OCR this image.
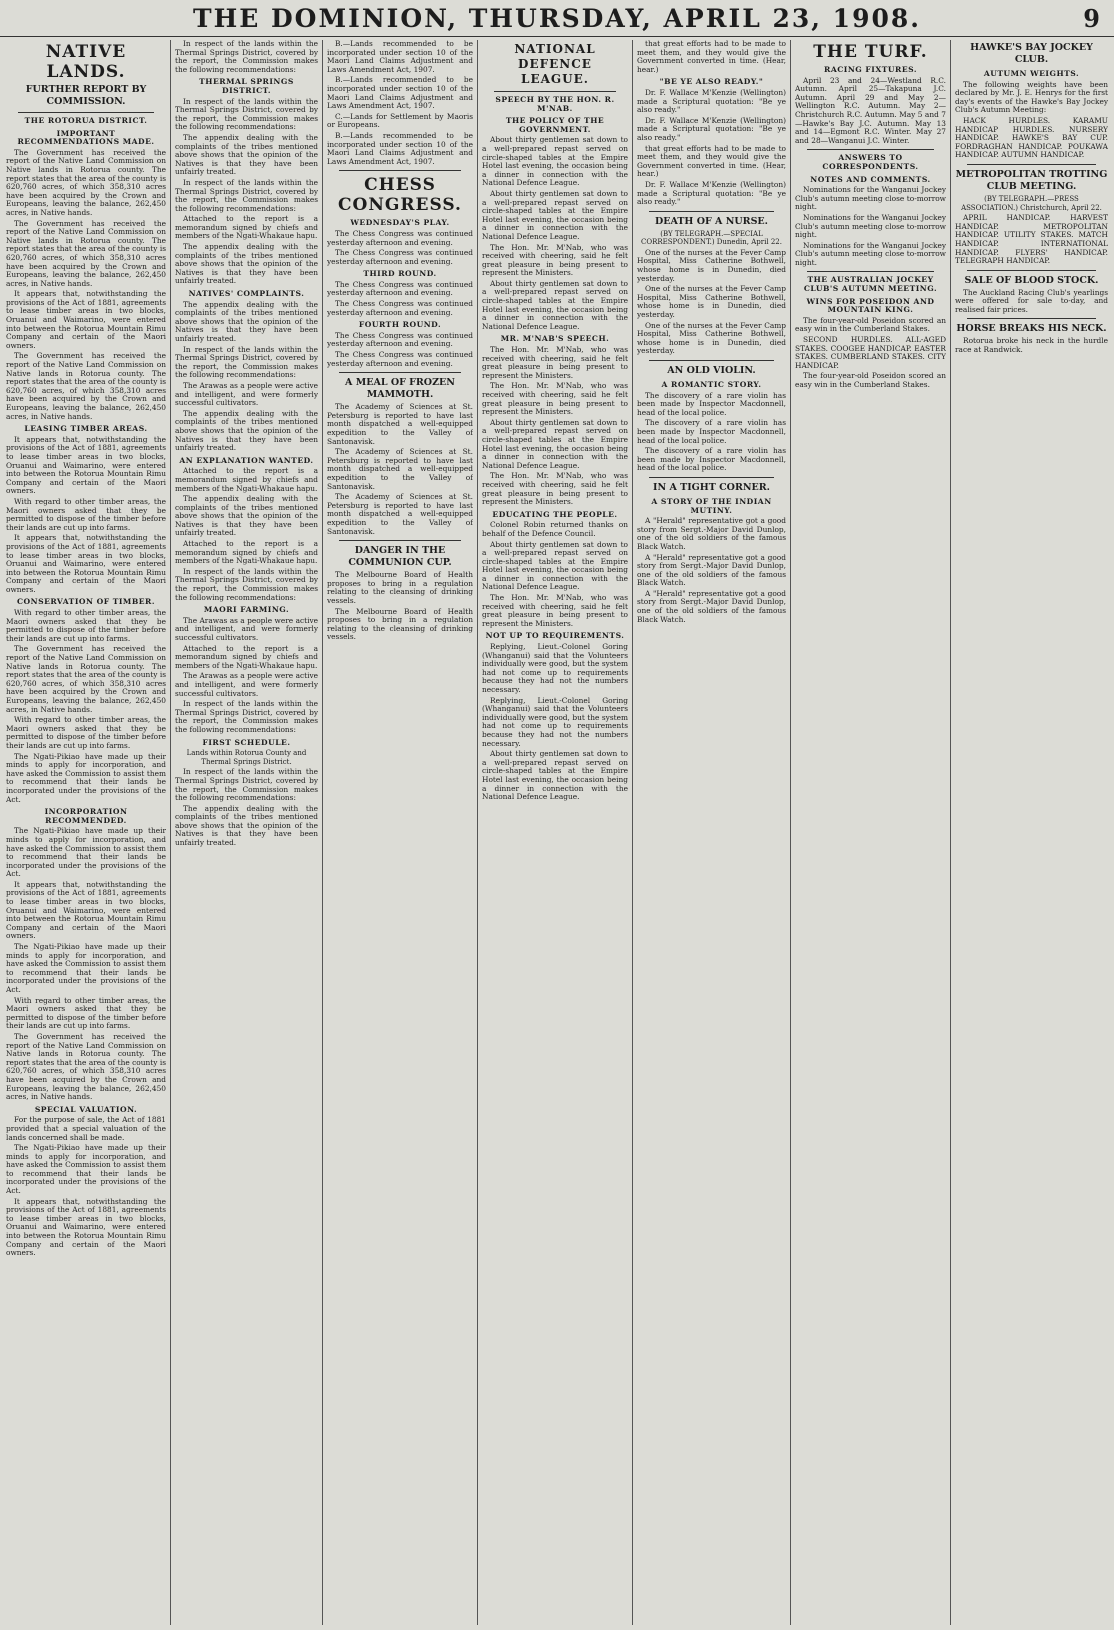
THE DOMINION, THURSDAY, APRIL 23, 1908.	9
NATIVE LANDS.
FURTHER REPORT BY COMMISSION.
THE ROTORUA DISTRICT.
IMPORTANT RECOMMENDATIONS MADE.

The Government has received the report of the Native Land Commission on Native lands in Rotorua county. The report states that the area of the county is 620,760 acres, of which 358,310 acres have been acquired by the Crown and Europeans, leaving the balance, 262,450 acres, in Native hands.

The Government has received the report of the Native Land Commission on Native lands in Rotorua county. The report states that the area of the county is 620,760 acres, of which 358,310 acres have been acquired by the Crown and Europeans, leaving the balance, 262,450 acres, in Native hands.

It appears that, notwithstanding the provisions of the Act of 1881, agreements to lease timber areas in two blocks, Oruanui and Waimarino, were entered into between the Rotorua Mountain Rimu Company and certain of the Maori owners.

The Government has received the report of the Native Land Commission on Native lands in Rotorua county. The report states that the area of the county is 620,760 acres, of which 358,310 acres have been acquired by the Crown and Europeans, leaving the balance, 262,450 acres, in Native hands.

LEASING TIMBER AREAS.

It appears that, notwithstanding the provisions of the Act of 1881, agreements to lease timber areas in two blocks, Oruanui and Waimarino, were entered into between the Rotorua Mountain Rimu Company and certain of the Maori owners.

With regard to other timber areas, the Maori owners asked that they be permitted to dispose of the timber before their lands are cut up into farms.

It appears that, notwithstanding the provisions of the Act of 1881, agreements to lease timber areas in two blocks, Oruanui and Waimarino, were entered into between the Rotorua Mountain Rimu Company and certain of the Maori owners.

CONSERVATION OF TIMBER.

With regard to other timber areas, the Maori owners asked that they be permitted to dispose of the timber before their lands are cut up into farms.

The Government has received the report of the Native Land Commission on Native lands in Rotorua county. The report states that the area of the county is 620,760 acres, of which 358,310 acres have been acquired by the Crown and Europeans, leaving the balance, 262,450 acres, in Native hands.

With regard to other timber areas, the Maori owners asked that they be permitted to dispose of the timber before their lands are cut up into farms.

The Ngati-Pikiao have made up their minds to apply for incorporation, and have asked the Commission to assist them to recommend that their lands be incorporated under the provisions of the Act.

INCORPORATION RECOMMENDED.

The Ngati-Pikiao have made up their minds to apply for incorporation, and have asked the Commission to assist them to recommend that their lands be incorporated under the provisions of the Act.

It appears that, notwithstanding the provisions of the Act of 1881, agreements to lease timber areas in two blocks, Oruanui and Waimarino, were entered into between the Rotorua Mountain Rimu Company and certain of the Maori owners.

The Ngati-Pikiao have made up their minds to apply for incorporation, and have asked the Commission to assist them to recommend that their lands be incorporated under the provisions of the Act.

With regard to other timber areas, the Maori owners asked that they be permitted to dispose of the timber before their lands are cut up into farms.

The Government has received the report of the Native Land Commission on Native lands in Rotorua county. The report states that the area of the county is 620,760 acres, of which 358,310 acres have been acquired by the Crown and Europeans, leaving the balance, 262,450 acres, in Native hands.

SPECIAL VALUATION.

For the purpose of sale, the Act of 1881 provided that a special valuation of the lands concerned shall be made.

The Ngati-Pikiao have made up their minds to apply for incorporation, and have asked the Commission to assist them to recommend that their lands be incorporated under the provisions of the Act.

It appears that, notwithstanding the provisions of the Act of 1881, agreements to lease timber areas in two blocks, Oruanui and Waimarino, were entered into between the Rotorua Mountain Rimu Company and certain of the Maori owners.

In respect of the lands within the Thermal Springs District, covered by the report, the Commission makes the following recommendations:

THERMAL SPRINGS DISTRICT.

In respect of the lands within the Thermal Springs District, covered by the report, the Commission makes the following recommendations:

The appendix dealing with the complaints of the tribes mentioned above shows that the opinion of the Natives is that they have been unfairly treated.

In respect of the lands within the Thermal Springs District, covered by the report, the Commission makes the following recommendations:

Attached to the report is a memorandum signed by chiefs and members of the Ngati-Whakaue hapu.

The appendix dealing with the complaints of the tribes mentioned above shows that the opinion of the Natives is that they have been unfairly treated.

NATIVES' COMPLAINTS.

The appendix dealing with the complaints of the tribes mentioned above shows that the opinion of the Natives is that they have been unfairly treated.

In respect of the lands within the Thermal Springs District, covered by the report, the Commission makes the following recommendations:

The Arawas as a people were active and intelligent, and were formerly successful cultivators.

The appendix dealing with the complaints of the tribes mentioned above shows that the opinion of the Natives is that they have been unfairly treated.

AN EXPLANATION WANTED.

Attached to the report is a memorandum signed by chiefs and members of the Ngati-Whakaue hapu.

The appendix dealing with the complaints of the tribes mentioned above shows that the opinion of the Natives is that they have been unfairly treated.

Attached to the report is a memorandum signed by chiefs and members of the Ngati-Whakaue hapu.

In respect of the lands within the Thermal Springs District, covered by the report, the Commission makes the following recommendations:

MAORI FARMING.

The Arawas as a people were active and intelligent, and were formerly successful cultivators.

Attached to the report is a memorandum signed by chiefs and members of the Ngati-Whakaue hapu.

The Arawas as a people were active and intelligent, and were formerly successful cultivators.

In respect of the lands within the Thermal Springs District, covered by the report, the Commission makes the following recommendations:

FIRST SCHEDULE.
Lands within Rotorua County and Thermal Springs District.

In respect of the lands within the Thermal Springs District, covered by the report, the Commission makes the following recommendations:

The appendix dealing with the complaints of the tribes mentioned above shows that the opinion of the Natives is that they have been unfairly treated.

B.—Lands recommended to be incorporated under section 10 of the Maori Land Claims Adjustment and Laws Amendment Act, 1907.

B.—Lands recommended to be incorporated under section 10 of the Maori Land Claims Adjustment and Laws Amendment Act, 1907.

C.—Lands for Settlement by Maoris or Europeans.

B.—Lands recommended to be incorporated under section 10 of the Maori Land Claims Adjustment and Laws Amendment Act, 1907.

CHESS CONGRESS.
WEDNESDAY'S PLAY.

The Chess Congress was continued yesterday afternoon and evening.

The Chess Congress was continued yesterday afternoon and evening.

THIRD ROUND.

The Chess Congress was continued yesterday afternoon and evening.

The Chess Congress was continued yesterday afternoon and evening.

FOURTH ROUND.

The Chess Congress was continued yesterday afternoon and evening.

The Chess Congress was continued yesterday afternoon and evening.

A MEAL OF FROZEN MAMMOTH.

The Academy of Sciences at St. Petersburg is reported to have last month dispatched a well-equipped expedition to the Valley of Santonavisk.

The Academy of Sciences at St. Petersburg is reported to have last month dispatched a well-equipped expedition to the Valley of Santonavisk.

The Academy of Sciences at St. Petersburg is reported to have last month dispatched a well-equipped expedition to the Valley of Santonavisk.

DANGER IN THE COMMUNION CUP.

The Melbourne Board of Health proposes to bring in a regulation relating to the cleansing of drinking vessels.

The Melbourne Board of Health proposes to bring in a regulation relating to the cleansing of drinking vessels.

NATIONAL DEFENCE LEAGUE.
SPEECH BY THE HON. R. M'NAB.
THE POLICY OF THE GOVERNMENT.

About thirty gentlemen sat down to a well-prepared repast served on circle-shaped tables at the Empire Hotel last evening, the occasion being a dinner in connection with the National Defence League.

About thirty gentlemen sat down to a well-prepared repast served on circle-shaped tables at the Empire Hotel last evening, the occasion being a dinner in connection with the National Defence League.

The Hon. Mr. M'Nab, who was received with cheering, said he felt great pleasure in being present to represent the Ministers.

About thirty gentlemen sat down to a well-prepared repast served on circle-shaped tables at the Empire Hotel last evening, the occasion being a dinner in connection with the National Defence League.

MR. M'NAB'S SPEECH.

The Hon. Mr. M'Nab, who was received with cheering, said he felt great pleasure in being present to represent the Ministers.

The Hon. Mr. M'Nab, who was received with cheering, said he felt great pleasure in being present to represent the Ministers.

About thirty gentlemen sat down to a well-prepared repast served on circle-shaped tables at the Empire Hotel last evening, the occasion being a dinner in connection with the National Defence League.

The Hon. Mr. M'Nab, who was received with cheering, said he felt great pleasure in being present to represent the Ministers.

EDUCATING THE PEOPLE.

Colonel Robin returned thanks on behalf of the Defence Council.

About thirty gentlemen sat down to a well-prepared repast served on circle-shaped tables at the Empire Hotel last evening, the occasion being a dinner in connection with the National Defence League.

The Hon. Mr. M'Nab, who was received with cheering, said he felt great pleasure in being present to represent the Ministers.

NOT UP TO REQUIREMENTS.

Replying, Lieut.-Colonel Goring (Whanganui) said that the Volunteers individually were good, but the system had not come up to requirements because they had not the numbers necessary.

Replying, Lieut.-Colonel Goring (Whanganui) said that the Volunteers individually were good, but the system had not come up to requirements because they had not the numbers necessary.

About thirty gentlemen sat down to a well-prepared repast served on circle-shaped tables at the Empire Hotel last evening, the occasion being a dinner in connection with the National Defence League.

that great efforts had to be made to meet them, and they would give the Government converted in time. (Hear, hear.)

"BE YE ALSO READY."

Dr. F. Wallace M'Kenzie (Wellington) made a Scriptural quotation: "Be ye also ready."

Dr. F. Wallace M'Kenzie (Wellington) made a Scriptural quotation: "Be ye also ready."

that great efforts had to be made to meet them, and they would give the Government converted in time. (Hear, hear.)

Dr. F. Wallace M'Kenzie (Wellington) made a Scriptural quotation: "Be ye also ready."

DEATH OF A NURSE.
(BY TELEGRAPH.—SPECIAL CORRESPONDENT.) Dunedin, April 22.

One of the nurses at the Fever Camp Hospital, Miss Catherine Bothwell, whose home is in Dunedin, died yesterday.

One of the nurses at the Fever Camp Hospital, Miss Catherine Bothwell, whose home is in Dunedin, died yesterday.

One of the nurses at the Fever Camp Hospital, Miss Catherine Bothwell, whose home is in Dunedin, died yesterday.

AN OLD VIOLIN.
A ROMANTIC STORY.

The discovery of a rare violin has been made by Inspector Macdonnell, head of the local police.

The discovery of a rare violin has been made by Inspector Macdonnell, head of the local police.

The discovery of a rare violin has been made by Inspector Macdonnell, head of the local police.

IN A TIGHT CORNER.
A STORY OF THE INDIAN MUTINY.

A "Herald" representative got a good story from Sergt.-Major David Dunlop, one of the old soldiers of the famous Black Watch.

A "Herald" representative got a good story from Sergt.-Major David Dunlop, one of the old soldiers of the famous Black Watch.

A "Herald" representative got a good story from Sergt.-Major David Dunlop, one of the old soldiers of the famous Black Watch.

THE TURF.
RACING FIXTURES.

April 23 and 24—Westland R.C. Autumn. April 25—Takapuna J.C. Autumn. April 29 and May 2—Wellington R.C. Autumn. May 2—Christchurch R.C. Autumn. May 5 and 7—Hawke's Bay J.C. Autumn. May 13 and 14—Egmont R.C. Winter. May 27 and 28—Wanganui J.C. Winter.

ANSWERS TO CORRESPONDENTS.
NOTES AND COMMENTS.

Nominations for the Wanganui Jockey Club's autumn meeting close to-morrow night.

Nominations for the Wanganui Jockey Club's autumn meeting close to-morrow night.

Nominations for the Wanganui Jockey Club's autumn meeting close to-morrow night.

THE AUSTRALIAN JOCKEY CLUB'S AUTUMN MEETING.
WINS FOR POSEIDON AND MOUNTAIN KING.

The four-year-old Poseidon scored an easy win in the Cumberland Stakes.

SECOND HURDLES. ALL-AGED STAKES. COOGEE HANDICAP. EASTER STAKES. CUMBERLAND STAKES. CITY HANDICAP.

The four-year-old Poseidon scored an easy win in the Cumberland Stakes.

HAWKE'S BAY JOCKEY CLUB.
AUTUMN WEIGHTS.

The following weights have been declared by Mr. J. E. Henrys for the first day's events of the Hawke's Bay Jockey Club's Autumn Meeting:

HACK HURDLES. KARAMU HANDICAP HURDLES. NURSERY HANDICAP. HAWKE'S BAY CUP. FORDRAGHAN HANDICAP. POUKAWA HANDICAP. AUTUMN HANDICAP.

METROPOLITAN TROTTING CLUB MEETING.
(BY TELEGRAPH.—PRESS ASSOCIATION.) Christchurch, April 22.

APRIL HANDICAP. HARVEST HANDICAP. METROPOLITAN HANDICAP. UTILITY STAKES. MATCH HANDICAP. INTERNATIONAL HANDICAP. FLYERS' HANDICAP. TELEGRAPH HANDICAP.

SALE OF BLOOD STOCK.

The Auckland Racing Club's yearlings were offered for sale to-day, and realised fair prices.

HORSE BREAKS HIS NECK.

Rotorua broke his neck in the hurdle race at Randwick.
